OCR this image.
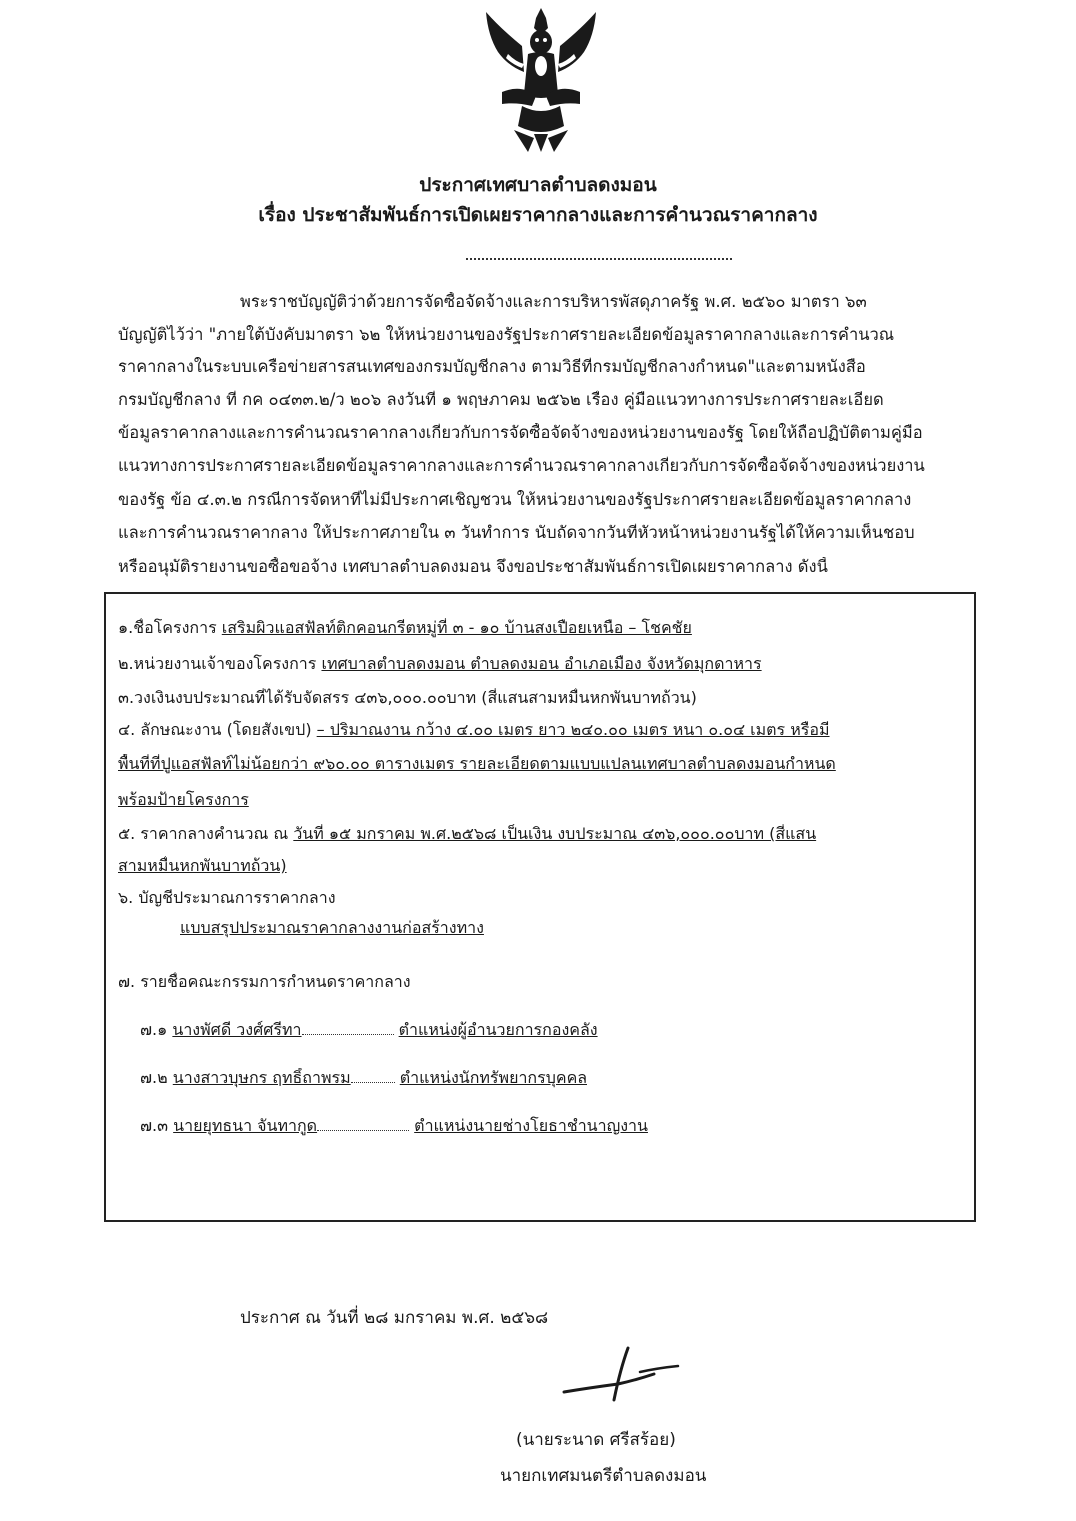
ประกาศเทศบาลตำบลดงมอน
เรื่อง ประชาสัมพันธ์การเปิดเผยราคากลางและการคำนวณราคากลาง
พระราชบัญญัติว่าด้วยการจัดซื้อจัดจ้างและการบริหารพัสดุภาครัฐ พ.ศ. ๒๕๖๐ มาตรา ๖๓
บัญญัติไว้ว่า "ภายใต้บังคับมาตรา ๖๒ ให้หน่วยงานของรัฐประกาศรายละเอียดข้อมูลราคากลางและการคำนวณ
ราคากลางในระบบเครือข่ายสารสนเทศของกรมบัญชีกลาง ตามวิธีที่กรมบัญชีกลางกำหนด"และตามหนังสือ
กรมบัญชีกลาง ที่ กค ๐๔๓๓.๒/ว ๒๐๖ ลงวันที่ ๑ พฤษภาคม ๒๕๖๒ เรื่อง คู่มือแนวทางการประกาศรายละเอียด
ข้อมูลราคากลางและการคำนวณราคากลางเกี่ยวกับการจัดซื้อจัดจ้างของหน่วยงานของรัฐ โดยให้ถือปฏิบัติตามคู่มือ
แนวทางการประกาศรายละเอียดข้อมูลราคากลางและการคำนวณราคากลางเกี่ยวกับการจัดซื้อจัดจ้างของหน่วยงาน
ของรัฐ ข้อ ๔.๓.๒ กรณีการจัดหาที่ไม่มีประกาศเชิญชวน ให้หน่วยงานของรัฐประกาศรายละเอียดข้อมูลราคากลาง
และการคำนวณราคากลาง ให้ประกาศภายใน ๓ วันทำการ นับถัดจากวันที่หัวหน้าหน่วยงานรัฐได้ให้ความเห็นชอบ
หรืออนุมัติรายงานขอซื้อขอจ้าง เทศบาลตำบลดงมอน จึงขอประชาสัมพันธ์การเปิดเผยราคากลาง ดังนี้
๑.ชื่อโครงการ เสริมผิวแอสฟัลท์ติกคอนกรีตหมู่ที่ ๓ - ๑๐ บ้านสงเปือยเหนือ – โชคชัย
๒.หน่วยงานเจ้าของโครงการ เทศบาลตำบลดงมอน ตำบลดงมอน อำเภอเมือง จังหวัดมุกดาหาร
๓.วงเงินงบประมาณที่ได้รับจัดสรร ๔๓๖,๐๐๐.๐๐บาท (สี่แสนสามหมื่นหกพันบาทถ้วน)
๔. ลักษณะงาน (โดยสังเขป) – ปริมาณงาน กว้าง ๔.๐๐ เมตร ยาว ๒๔๐.๐๐ เมตร หนา ๐.๐๔ เมตร หรือมี
พื้นที่ที่ปูแอสฟัลท์ไม่น้อยกว่า ๙๖๐.๐๐ ตารางเมตร รายละเอียดตามแบบแปลนเทศบาลตำบลดงมอนกำหนด
พร้อมป้ายโครงการ
๕. ราคากลางคำนวณ ณ วันที่ ๑๕ มกราคม พ.ศ.๒๕๖๘ เป็นเงิน งบประมาณ ๔๓๖,๐๐๐.๐๐บาท (สี่แสน
สามหมื่นหกพันบาทถ้วน)
๖. บัญชีประมาณการราคากลาง
แบบสรุปประมาณราคากลางงานก่อสร้างทาง
๗. รายชื่อคณะกรรมการกำหนดราคากลาง
๗.๑ นางพัศดี วงศ์ศรีทา	ตำแหน่งผู้อำนวยการกองคลัง
๗.๒ นางสาวบุษกร ฤทธิ์ถาพรม	ตำแหน่งนักทรัพยากรบุคคล
๗.๓ นายยุทธนา จันทากูด	ตำแหน่งนายช่างโยธาชำนาญงาน
ประกาศ ณ วันที่ ๒๘ มกราคม พ.ศ. ๒๕๖๘
(นายระนาด ศรีสร้อย)
นายกเทศมนตรีตำบลดงมอน
